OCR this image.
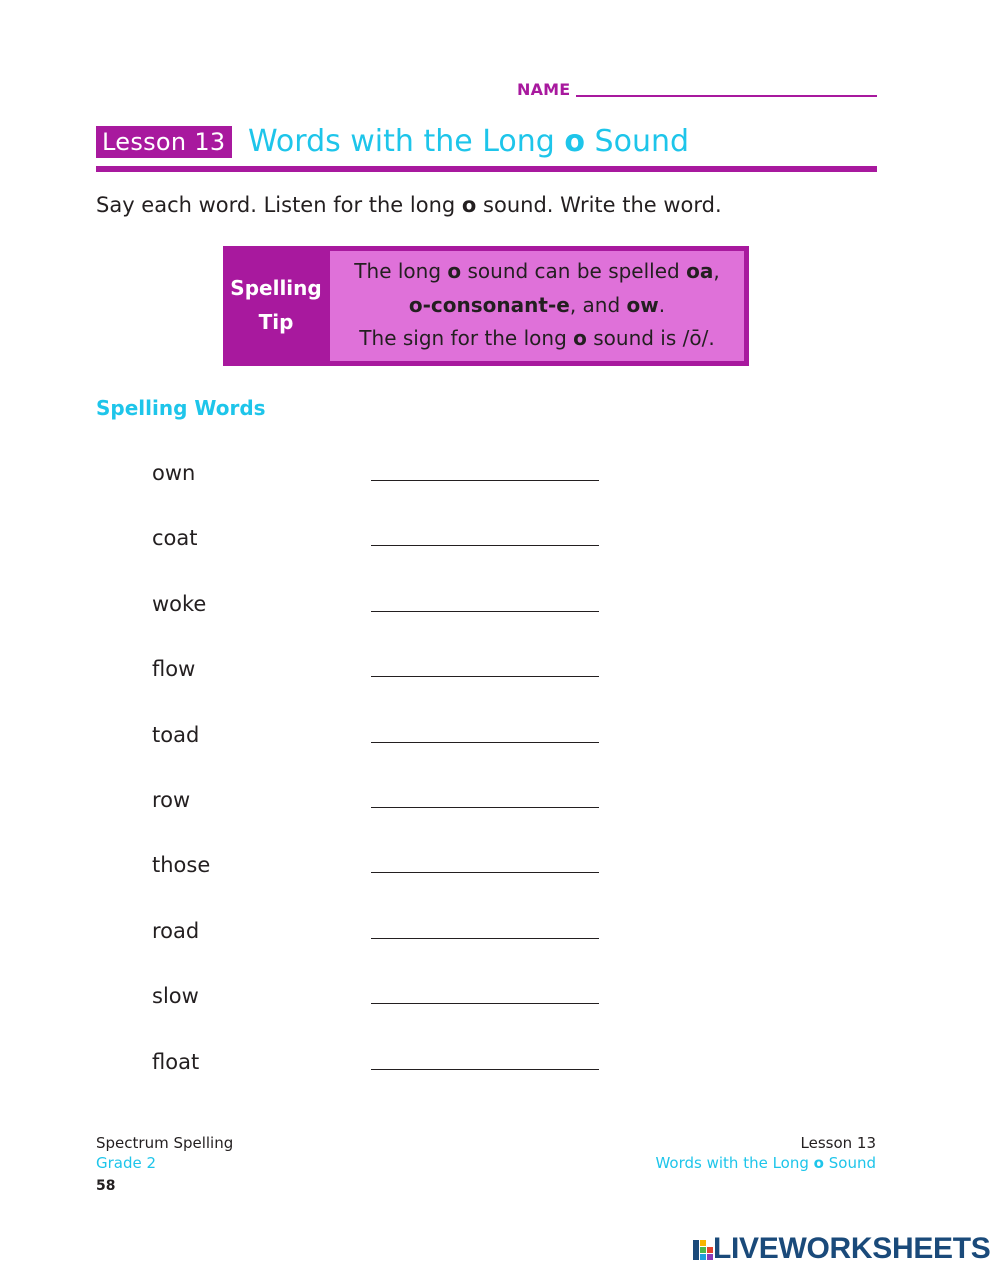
NAME
Lesson 13 Words with the Long o Sound
Say each word. Listen for the long o sound. Write the word.
Spelling
Tip
The long o sound can be spelled oa,
o-consonant-e, and ow.
The sign for the long o sound is /ō/.
Spelling Words
own
coat
woke
flow
toad
row
those
road
slow
float
Spectrum Spelling
Grade 2
58
Lesson 13
Words with the Long o Sound
LIVEWORKSHEETS
